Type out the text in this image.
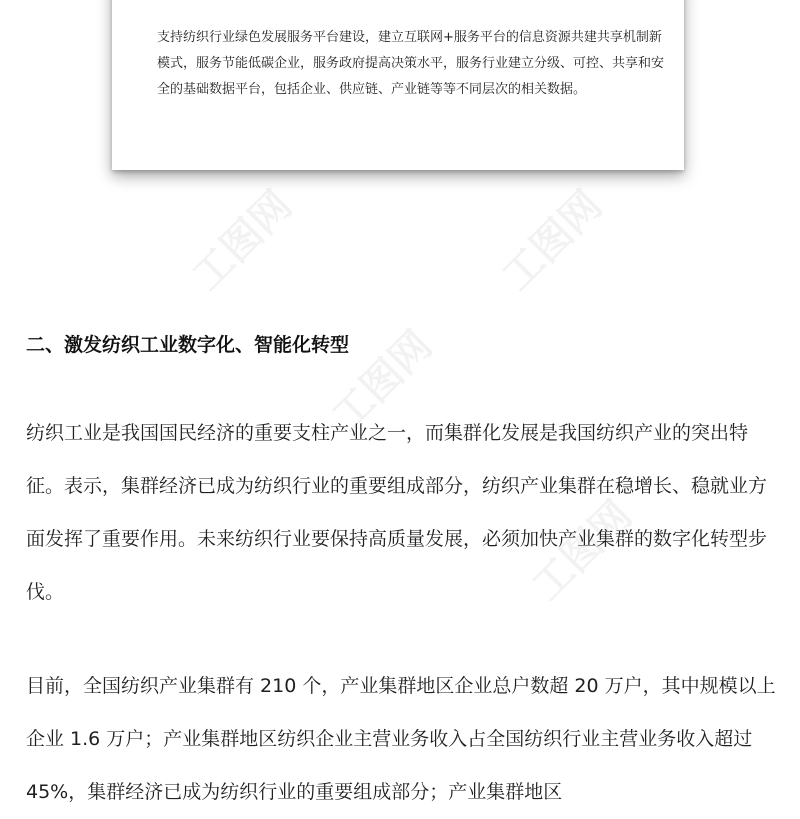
支持纺织行业绿色发展服务平台建设，建立互联网+服务平台的信息资源共建共享机制新模式，服务节能低碳企业，服务政府提高决策水平，服务行业建立分级、可控、共享和安全的基础数据平台，包括企业、供应链、产业链等等不同层次的相关数据。

工图网	工图网
工图网
工图网
二、激发纺织工业数字化、智能化转型

纺织工业是我国国民经济的重要支柱产业之一，而集群化发展是我国纺织产业的突出特征。表示，集群经济已成为纺织行业的重要组成部分，纺织产业集群在稳增长、稳就业方面发挥了重要作用。未来纺织行业要保持高质量发展，必须加快产业集群的数字化转型步伐。

目前，全国纺织产业集群有 210 个，产业集群地区企业总户数超 20 万户，其中规模以上企业 1.6 万户；产业集群地区纺织企业主营业务收入占全国纺织行业主营业务收入超过 45%，集群经济已成为纺织行业的重要组成部分；产业集群地区
